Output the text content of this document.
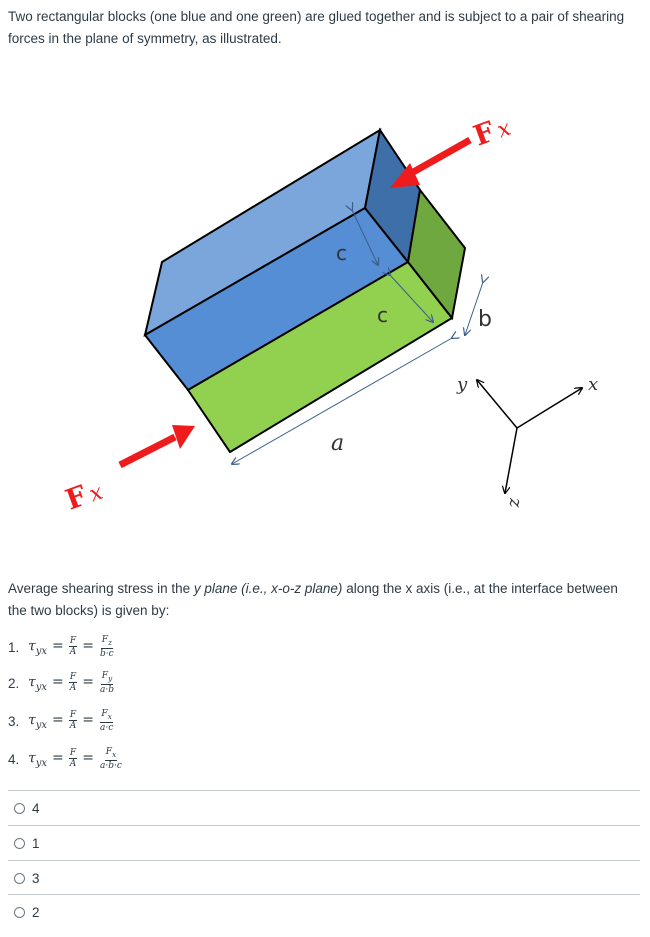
Two rectangular blocks (one blue and one green) are glued together and is subject to a pair of shearing forces in the plane of symmetry, as illustrated.
Fx
Fx
c
c	b
a
y	x
z
Average shearing stress in the y plane (i.e., x-o-z plane) along the x axis (i.e., at the interface between the two blocks) is given by:
1. $\tau_{yx} = \frac{F}{A} = \frac{F_z}{b\cdot c}$
2. $\tau_{yx} = \frac{F}{A} = \frac{F_y}{a\cdot b}$
3. $\tau_{yx} = \frac{F}{A} = \frac{F_x}{a\cdot c}$
4. $\tau_{yx} = \frac{F}{A} = \frac{F_x}{a\cdot b\cdot c}$
4
1
3
2
